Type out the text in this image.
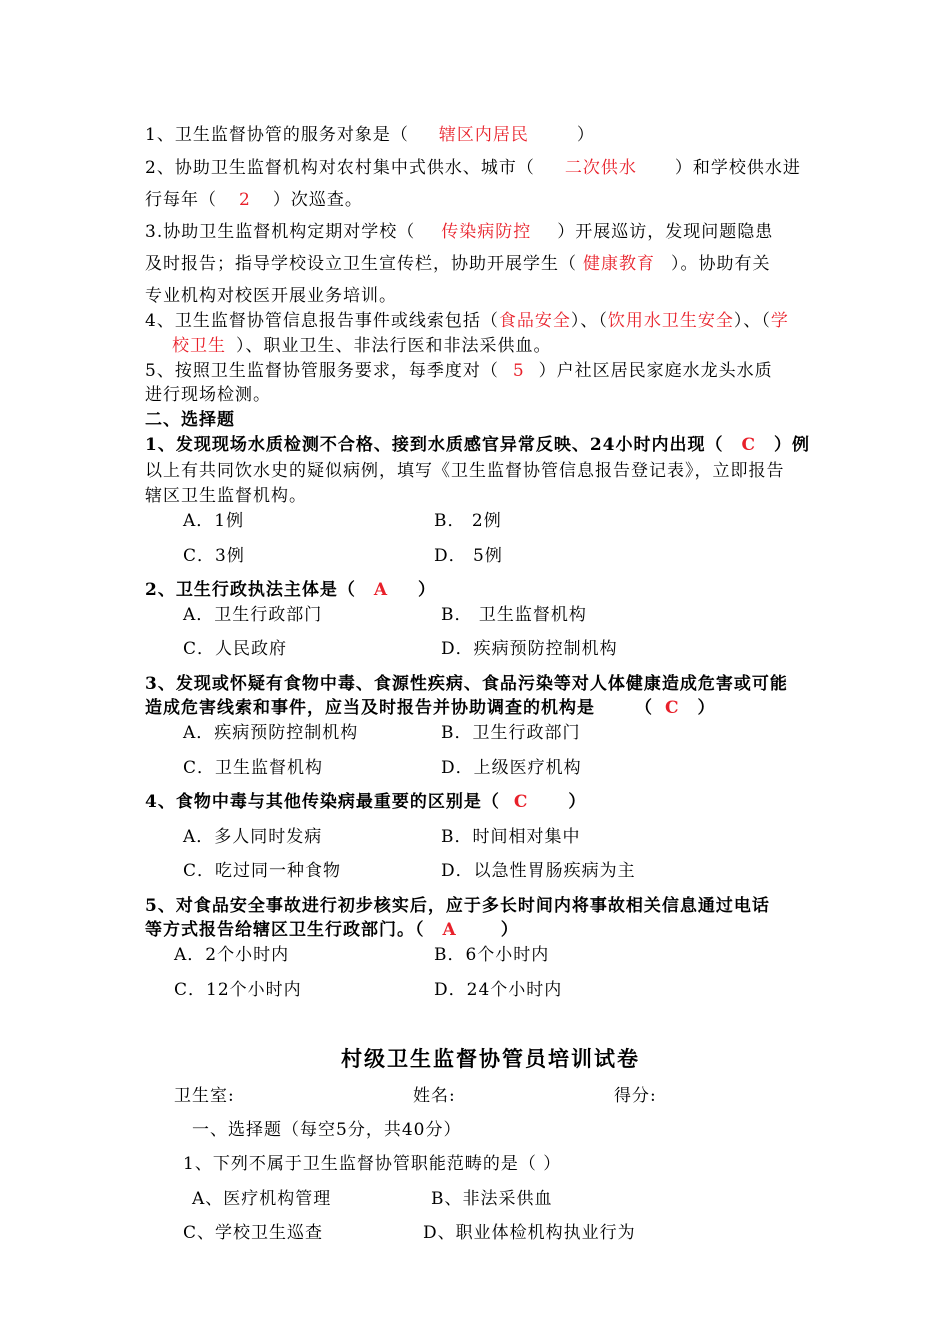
1、卫生监督协管的服务对象是（ 辖区内居民	）
2、协助卫生监督机构对农村集中式供水、城市（ 二次供水 ）和学校供水进
行每年（ 2 ）次巡查。
3.协助卫生监督机构定期对学校（ 传染病防控 ）开展巡访，发现问题隐患
及时报告；指导学校设立卫生宣传栏，协助开展学生（ 健康教育 ）。协助有关
专业机构对校医开展业务培训。
4、卫生监督协管信息报告事件或线索包括（食品安全）、（饮用水卫生安全）、（学
校卫生 ）、职业卫生、非法行医和非法采供血。
5、按照卫生监督协管服务要求，每季度对（ 5 ）户社区居民家庭水龙头水质
进行现场检测。
二、选择题
1、发现现场水质检测不合格、接到水质感官异常反映、24小时内出现（ C ）例
以上有共同饮水史的疑似病例，填写《卫生监督协管信息报告登记表》，立即报告
辖区卫生监督机构。
A．1例	B． 2例
C．3例	D． 5例
2、卫生行政执法主体是（ A ）
A．卫生行政部门	B． 卫生监督机构
C．人民政府	D．疾病预防控制机构
3、发现或怀疑有食物中毒、食源性疾病、食品污染等对人体健康造成危害或可能
造成危害线索和事件，应当及时报告并协助调查的机构是 （ C ）
A．疾病预防控制机构	B．卫生行政部门
C．卫生监督机构	D．上级医疗机构
4、食物中毒与其他传染病最重要的区别是（ C ）
A．多人同时发病	B．时间相对集中
C．吃过同一种食物	D．以急性胃肠疾病为主
5、对食品安全事故进行初步核实后，应于多长时间内将事故相关信息通过电话
等方式报告给辖区卫生行政部门。（ A	）
A．2个小时内	B．6个小时内
C．12个小时内	D．24个小时内
村级卫生监督协管员培训试卷
卫生室:	姓名:	得分:
一、选择题（每空5分，共40分）
1、下列不属于卫生监督协管职能范畴的是（ ）
A、医疗机构管理	B、非法采供血
C、学校卫生巡查	D、职业体检机构执业行为
